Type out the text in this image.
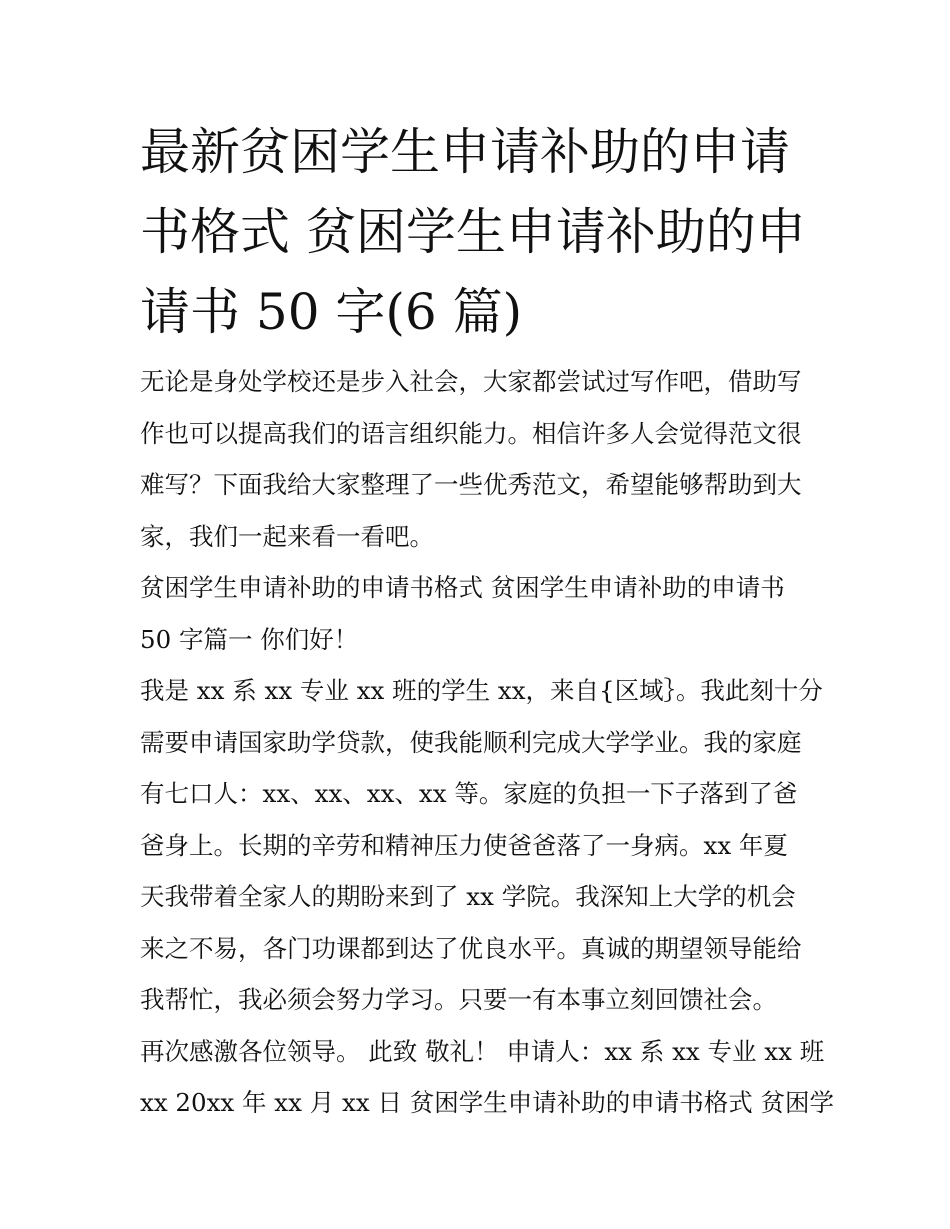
最新贫困学生申请补助的申请
书格式 贫困学生申请补助的申
请书 50 字(6 篇)

无论是身处学校还是步入社会，大家都尝试过写作吧，借助写

作也可以提高我们的语言组织能力。相信许多人会觉得范文很

难写？下面我给大家整理了一些优秀范文，希望能够帮助到大

家，我们一起来看一看吧。

贫困学生申请补助的申请书格式 贫困学生申请补助的申请书

50 字篇一 你们好！

我是 xx 系 xx 专业 xx 班的学生 xx，来自{区域｝。我此刻十分

需要申请国家助学贷款，使我能顺利完成大学学业。我的家庭

有七口人：xx、xx、xx、xx 等。家庭的负担一下子落到了爸

爸身上。长期的辛劳和精神压力使爸爸落了一身病。xx 年夏

天我带着全家人的期盼来到了 xx 学院。我深知上大学的机会

来之不易，各门功课都到达了优良水平。真诚的期望领导能给

我帮忙，我必须会努力学习。只要一有本事立刻回馈社会。

再次感激各位领导。 此致 敬礼！ 申请人：xx 系 xx 专业 xx 班

xx 20xx 年 xx 月 xx 日 贫困学生申请补助的申请书格式 贫困学
